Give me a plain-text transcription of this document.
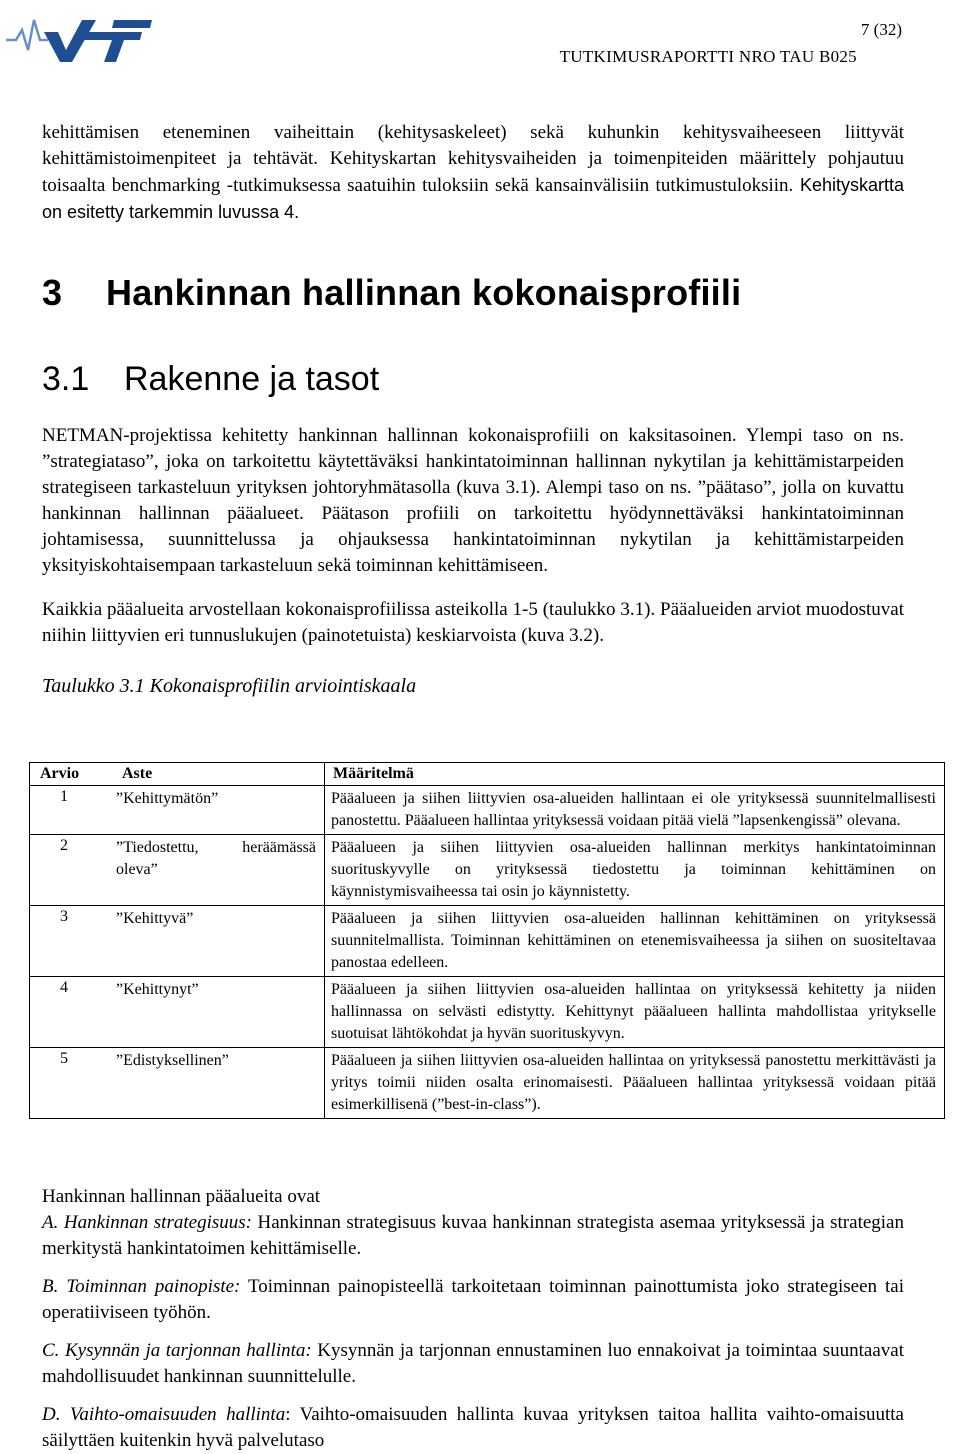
7 (32)
TUTKIMUSRAPORTTI NRO TAU B025

kehittämisen eteneminen vaiheittain (kehitysaskeleet) sekä kuhunkin kehitysvaiheeseen liittyvät kehittämistoimenpiteet ja tehtävät. Kehityskartan kehitysvaiheiden ja toimenpiteiden määrittely pohjautuu toisaalta benchmarking -tutkimuksessa saatuihin tuloksiin sekä kansainvälisiin tutkimustuloksiin. Kehityskartta on esitetty tarkemmin luvussa 4.

3 Hankinnan hallinnan kokonaisprofiili
3.1 Rakenne ja tasot

NETMAN-projektissa kehitetty hankinnan hallinnan kokonaisprofiili on kaksitasoinen. Ylempi taso on ns. ”strategiataso”, joka on tarkoitettu käytettäväksi hankintatoiminnan hallinnan nykytilan ja kehittämistarpeiden strategiseen tarkasteluun yrityksen johtoryhmätasolla (kuva 3.1). Alempi taso on ns. ”päätaso”, jolla on kuvattu hankinnan hallinnan pääalueet. Päätason profiili on tarkoitettu hyödynnettäväksi hankintatoiminnan johtamisessa, suunnittelussa ja ohjauksessa hankintatoiminnan nykytilan ja kehittämistarpeiden yksityiskohtaisempaan tarkasteluun sekä toiminnan kehittämiseen.

Kaikkia pääalueita arvostellaan kokonaisprofiilissa asteikolla 1-5 (taulukko 3.1). Pääalueiden arviot muodostuvat niihin liittyvien eri tunnuslukujen (painotetuista) keskiarvoista (kuva 3.2).

Taulukko 3.1 Kokonaisprofiilin arviointiskaala

Arvio	Aste	Määritelmä
1	”Kehittymätön”	Pääalueen ja siihen liittyvien osa-alueiden hallintaan ei ole yrityksessä suunnitelmallisesti panostettu. Pääalueen hallintaa yrityksessä voidaan pitää vielä ”lapsenkengissä” olevana.
2	”Tiedostettu, heräämässä oleva”	Pääalueen ja siihen liittyvien osa-alueiden hallinnan merkitys hankintatoiminnan suorituskyvylle on yrityksessä tiedostettu ja toiminnan kehittäminen on käynnistymisvaiheessa tai osin jo käynnistetty.
3	”Kehittyvä”	Pääalueen ja siihen liittyvien osa-alueiden hallinnan kehittäminen on yrityksessä suunnitelmallista. Toiminnan kehittäminen on etenemisvaiheessa ja siihen on suositeltavaa panostaa edelleen.
4	”Kehittynyt”	Pääalueen ja siihen liittyvien osa-alueiden hallintaa on yrityksessä kehitetty ja niiden hallinnassa on selvästi edistytty. Kehittynyt pääalueen hallinta mahdollistaa yritykselle suotuisat lähtökohdat ja hyvän suorituskyvyn.
5	”Edistyksellinen”	Pääalueen ja siihen liittyvien osa-alueiden hallintaa on yrityksessä panostettu merkittävästi ja yritys toimii niiden osalta erinomaisesti. Pääalueen hallintaa yrityksessä voidaan pitää esimerkillisenä (”best-in-class”).

Hankinnan hallinnan pääalueita ovat

A. Hankinnan strategisuus: Hankinnan strategisuus kuvaa hankinnan strategista asemaa yrityksessä ja strategian merkitystä hankintatoimen kehittämiselle.

B. Toiminnan painopiste: Toiminnan painopisteellä tarkoitetaan toiminnan painottumista joko strategiseen tai operatiiviseen työhön.

C. Kysynnän ja tarjonnan hallinta: Kysynnän ja tarjonnan ennustaminen luo ennakoivat ja toimintaa suuntaavat mahdollisuudet hankinnan suunnittelulle.

D. Vaihto-omaisuuden hallinta: Vaihto-omaisuuden hallinta kuvaa yrityksen taitoa hallita vaihto-omaisuutta säilyttäen kuitenkin hyvä palvelutaso
